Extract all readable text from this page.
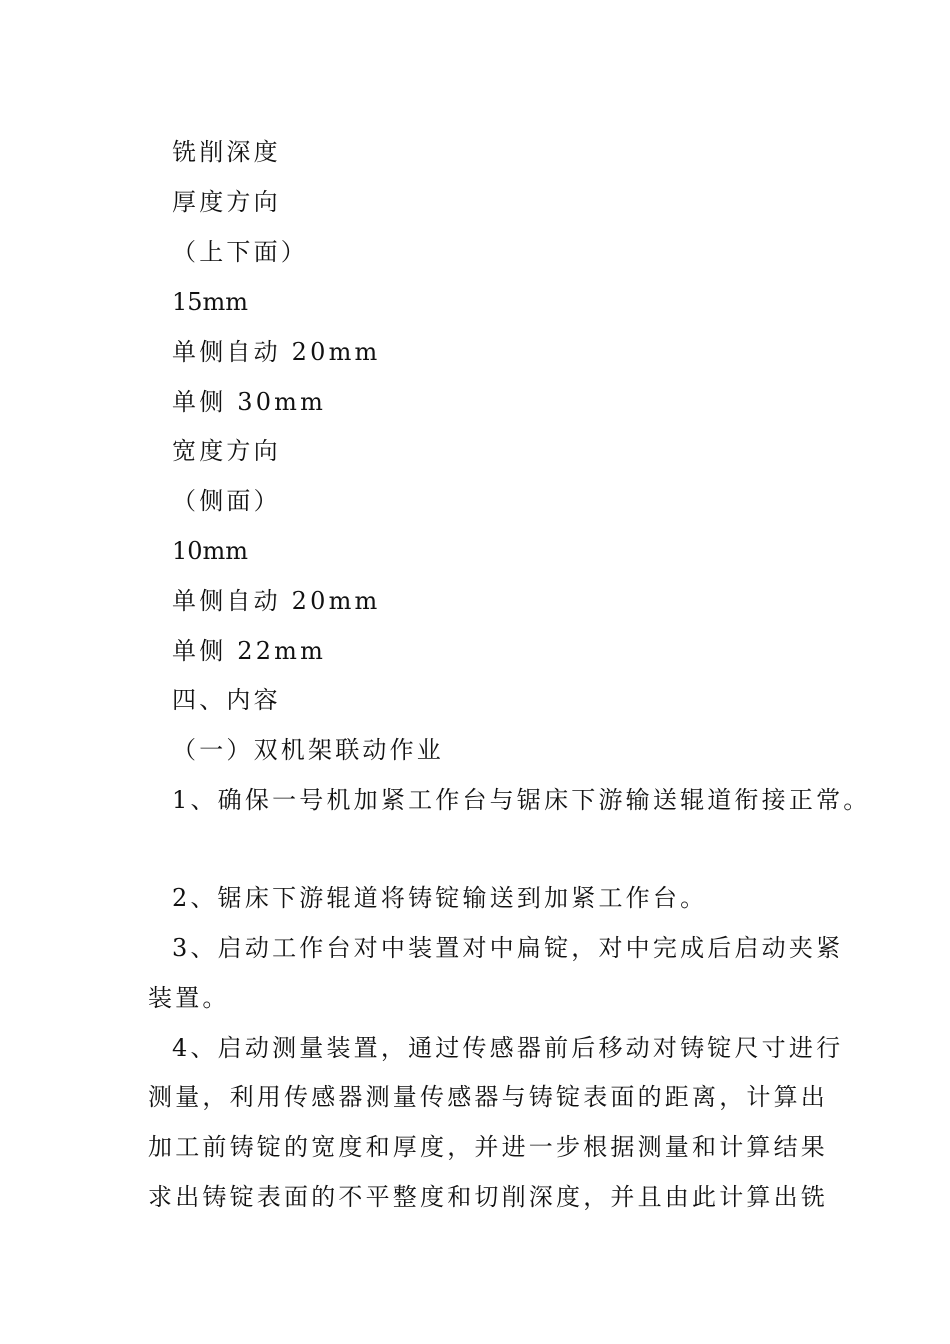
铣削深度

厚度方向

（上下面）

15mm

单侧自动 20mm

单侧 30mm

宽度方向

（侧面）

10mm

单侧自动 20mm

单侧 22mm

四、内容

（一）双机架联动作业

1、确保一号机加紧工作台与锯床下游输送辊道衔接正常。

2、锯床下游辊道将铸锭输送到加紧工作台。

3、启动工作台对中装置对中扁锭，对中完成后启动夹紧

装置。

4、启动测量装置，通过传感器前后移动对铸锭尺寸进行

测量，利用传感器测量传感器与铸锭表面的距离，计算出

加工前铸锭的宽度和厚度，并进一步根据测量和计算结果

求出铸锭表面的不平整度和切削深度，并且由此计算出铣
